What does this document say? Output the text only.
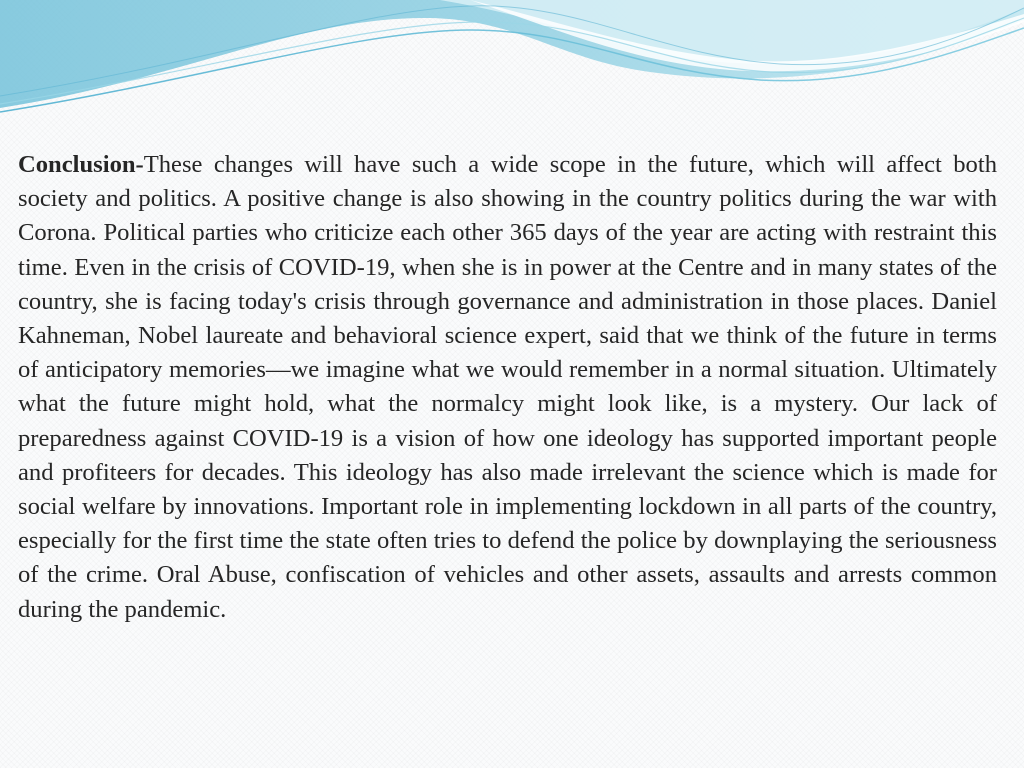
Conclusion-These changes will have such a wide scope in the future, which will affect both society and politics. A positive change is also showing in the country politics during the war with Corona. Political parties who criticize each other 365 days of the year are acting with restraint this time. Even in the crisis of COVID-19, when she is in power at the Centre and in many states of the country, she is facing today's crisis through governance and administration in those places. Daniel Kahneman, Nobel laureate and behavioral science expert, said that we think of the future in terms of anticipatory memories—we imagine what we would remember in a normal situation. Ultimately what the future might hold, what the normalcy might look like, is a mystery. Our lack of preparedness against COVID-19 is a vision of how one ideology has supported important people and profiteers for decades. This ideology has also made irrelevant the science which is made for social welfare by innovations. Important role in implementing lockdown in all parts of the country, especially for the first time the state often tries to defend the police by downplaying the seriousness of the crime. Oral Abuse, confiscation of vehicles and other assets, assaults and arrests common during the pandemic.
